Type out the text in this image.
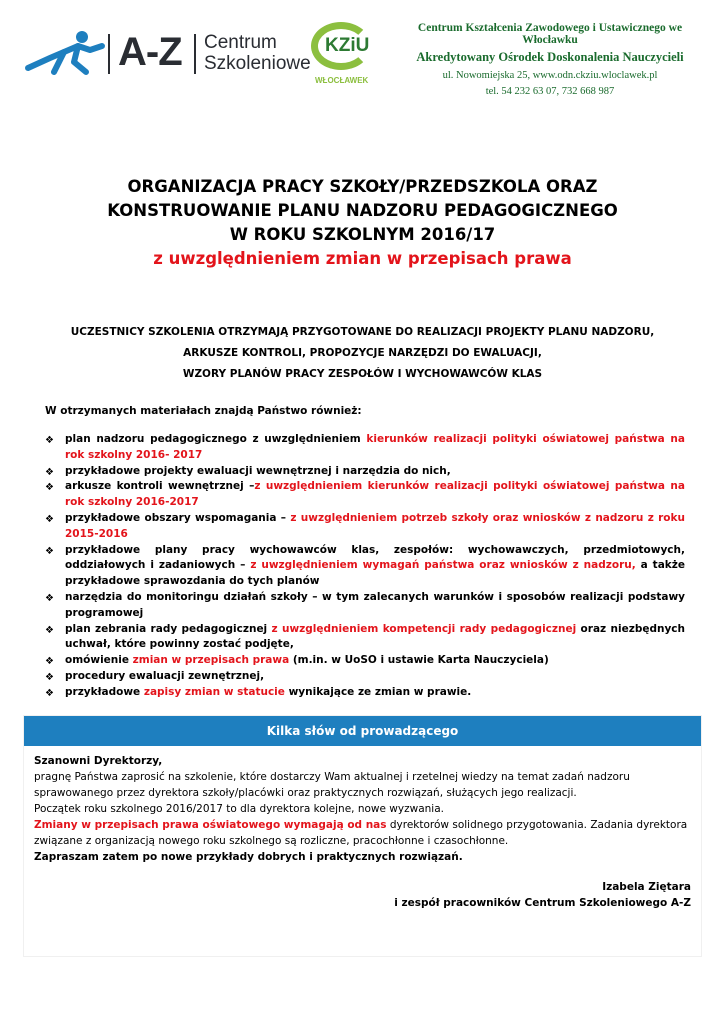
A-Z Centrum
Szkoleniowe
KZiU
WŁOCŁAWEK
Centrum Kształcenia Zawodowego i Ustawicznego we Włocławku
Akredytowany Ośrodek Doskonalenia Nauczycieli
ul. Nowomiejska 25, www.odn.ckziu.wloclawek.pl
tel. 54 232 63 07, 732 668 987
ORGANIZACJA PRACY SZKOŁY/PRZEDSZKOLA ORAZ
KONSTRUOWANIE PLANU NADZORU PEDAGOGICZNEGO
W ROKU SZKOLNYM 2016/17
z uwzględnieniem zmian w przepisach prawa
UCZESTNICY SZKOLENIA OTRZYMAJĄ PRZYGOTOWANE DO REALIZACJI PROJEKTY PLANU NADZORU,
ARKUSZE KONTROLI, PROPOZYCJE NARZĘDZI DO EWALUACJI,
WZORY PLANÓW PRACY ZESPOŁÓW I WYCHOWAWCÓW KLAS
W otrzymanych materiałach znajdą Państwo również:
❖ plan nadzoru pedagogicznego z uwzględnieniem kierunków realizacji polityki oświatowej państwa na rok szkolny 2016- 2017
❖ przykładowe projekty ewaluacji wewnętrznej i narzędzia do nich,
❖ arkusze kontroli wewnętrznej –z uwzględnieniem kierunków realizacji polityki oświatowej państwa na rok szkolny 2016-2017
❖ przykładowe obszary wspomagania – z uwzględnieniem potrzeb szkoły oraz wniosków z nadzoru z roku 2015-2016
❖ przykładowe plany pracy wychowawców klas, zespołów: wychowawczych, przedmiotowych, oddziałowych i zadaniowych – z uwzględnieniem wymagań państwa oraz wniosków z nadzoru, a także przykładowe sprawozdania do tych planów
❖ narzędzia do monitoringu działań szkoły – w tym zalecanych warunków i sposobów realizacji podstawy programowej
❖ plan zebrania rady pedagogicznej z uwzględnieniem kompetencji rady pedagogicznej oraz niezbędnych uchwał, które powinny zostać podjęte,
❖ omówienie zmian w przepisach prawa (m.in. w UoSO i ustawie Karta Nauczyciela)
❖ procedury ewaluacji zewnętrznej,
❖ przykładowe zapisy zmian w statucie wynikające ze zmian w prawie.
Kilka słów od prowadzącego

Szanowni Dyrektorzy,

pragnę Państwa zaprosić na szkolenie, które dostarczy Wam aktualnej i rzetelnej wiedzy na temat zadań nadzoru sprawowanego przez dyrektora szkoły/placówki oraz praktycznych rozwiązań, służących jego realizacji.

Początek roku szkolnego 2016/2017 to dla dyrektora kolejne, nowe wyzwania.

Zmiany w przepisach prawa oświatowego wymagają od nas dyrektorów solidnego przygotowania. Zadania dyrektora związane z organizacją nowego roku szkolnego są rozliczne, pracochłonne i czasochłonne.

Zapraszam zatem po nowe przykłady dobrych i praktycznych rozwiązań.

Izabela Ziętara
i zespół pracowników Centrum Szkoleniowego A-Z
